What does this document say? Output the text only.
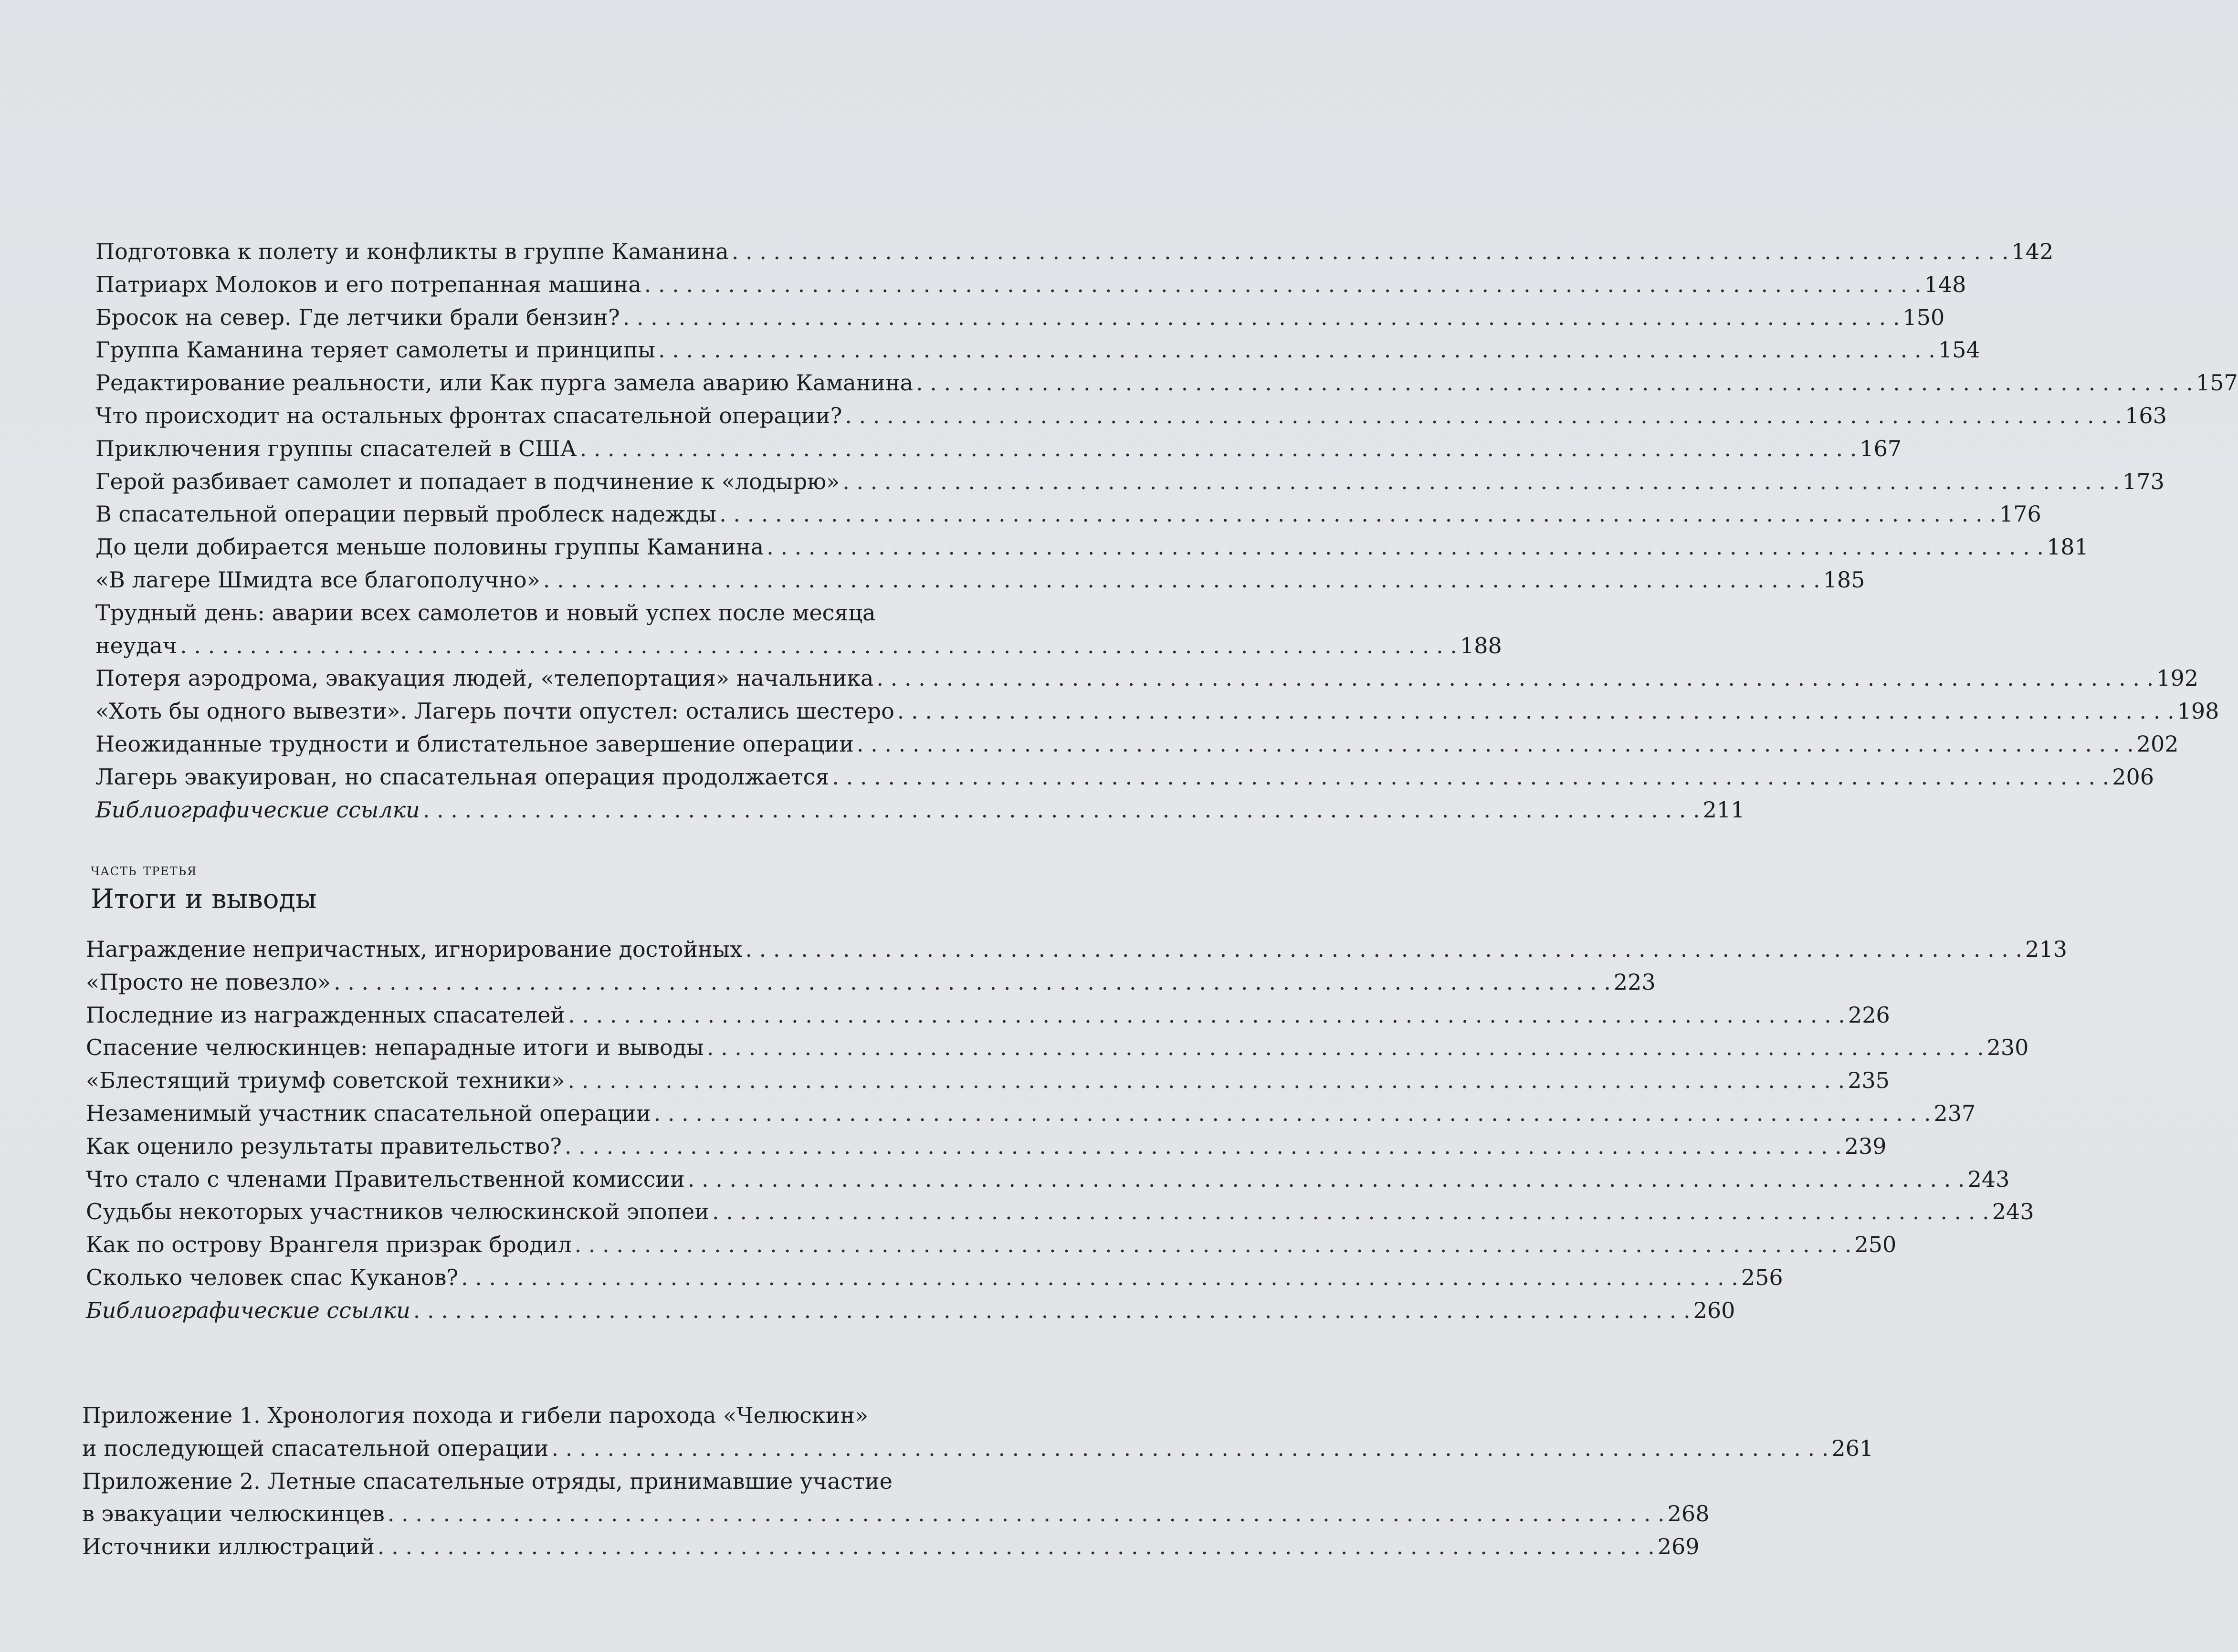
Подготовка к полету и конфликты в группе Каманина . . .	142
Патриарх Молоков и его потрепанная машина . . .	148
Бросок на север. Где летчики брали бензин? . . .	150
Группа Каманина теряет самолеты и принципы . . .	154
Редактирование реальности, или Как пурга замела аварию Каманина . . .	157
Что происходит на остальных фронтах спасательной операции? . . .	163
Приключения группы спасателей в США . . .	167
Герой разбивает самолет и попадает в подчинение к «лодырю» . . .	173
В спасательной операции первый проблеск надежды . . .	176
До цели добирается меньше половины группы Каманина . . .	181
«В лагере Шмидта все благополучно» . . .	185
Трудный день: аварии всех самолетов и новый успех после месяца
неудач . . .	188
Потеря аэродрома, эвакуация людей, «телепортация» начальника . . .	192
«Хоть бы одного вывезти». Лагерь почти опустел: остались шестеро . . .	198
Неожиданные трудности и блистательное завершение операции . . .	202
Лагерь эвакуирован, но спасательная операция продолжается . . .	206
Библиографические ссылки . . .	211
часть третья
Итоги и выводы
Награждение непричастных, игнорирование достойных . . .	213
«Просто не повезло» . . .	223
Последние из награжденных спасателей . . .	226
Спасение челюскинцев: непарадные итоги и выводы . . .	230
«Блестящий триумф советской техники» . . .	235
Незаменимый участник спасательной операции . . .	237
Как оценило результаты правительство? . . .	239
Что стало с членами Правительственной комиссии . . .	243
Судьбы некоторых участников челюскинской эпопеи . . .	243
Как по острову Врангеля призрак бродил . . .	250
Сколько человек спас Куканов? . . .	256
Библиографические ссылки . . .	260
Приложение 1. Хронология похода и гибели парохода «Челюскин»
и последующей спасательной операции . . .	261
Приложение 2. Летные спасательные отряды, принимавшие участие
в эвакуации челюскинцев . . .	268
Источники иллюстраций . . .	269
